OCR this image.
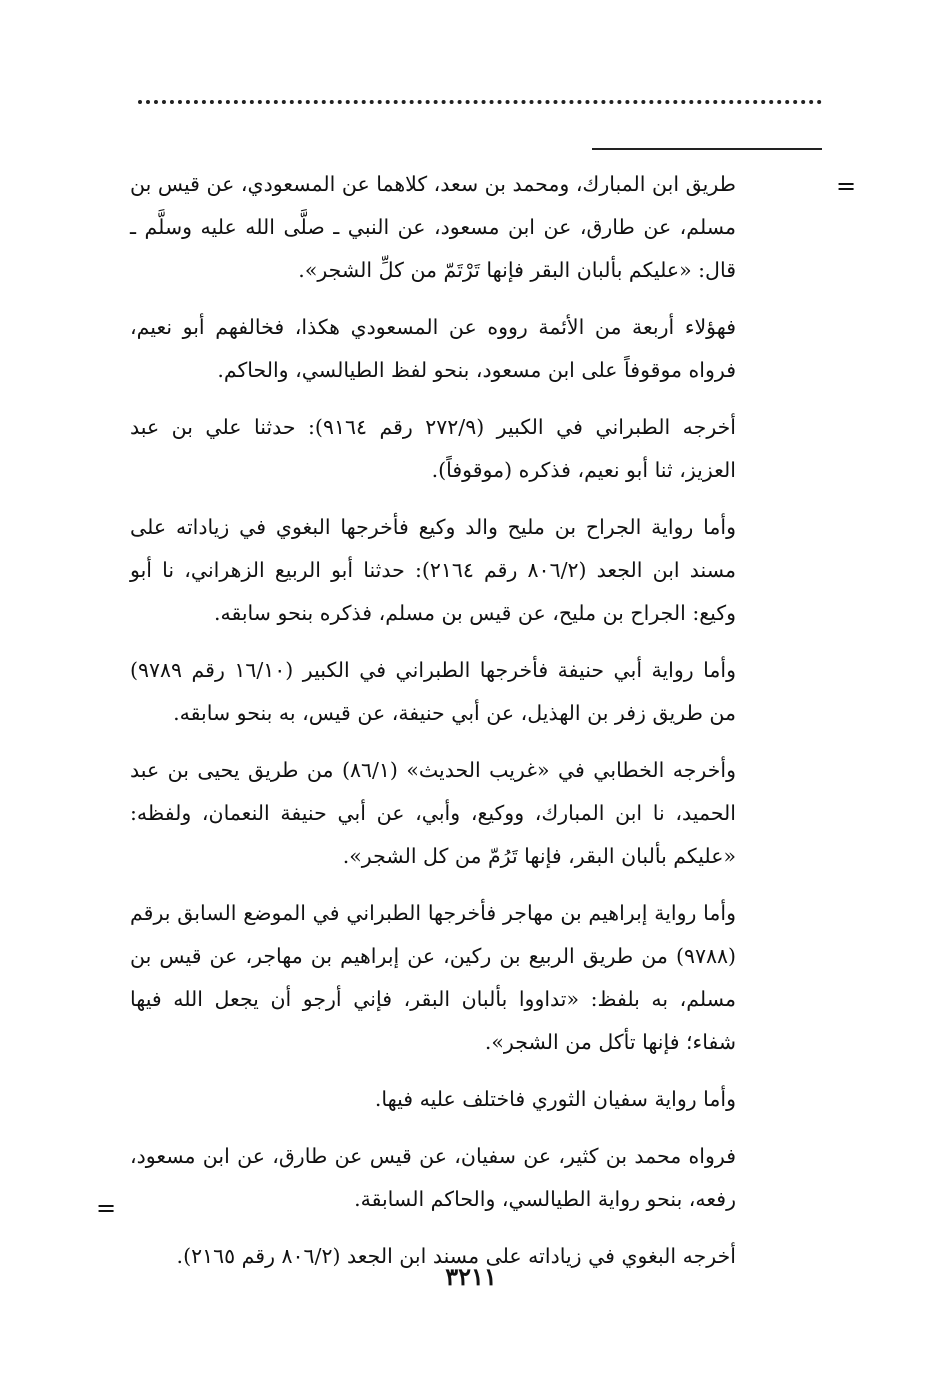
=

طريق ابن المبارك، ومحمد بن سعد، كلاهما عن المسعودي، عن قيس بن مسلم، عن طارق، عن ابن مسعود، عن النبي ـ صلَّى الله عليه وسلَّم ـ قال: «عليكم بألبان البقر فإنها تَرْتَمّ من كلِّ الشجر».

فهؤلاء أربعة من الأئمة رووه عن المسعودي هكذا، فخالفهم أبو نعيم، فرواه موقوفاً على ابن مسعود، بنحو لفظ الطيالسي، والحاكم.

أخرجه الطبراني في الكبير (٢٧٢/٩ رقم ٩١٦٤): حدثنا علي بن عبد العزيز، ثنا أبو نعيم، فذكره (موقوفاً).

وأما رواية الجراح بن مليح والد وكيع فأخرجها البغوي في زياداته على مسند ابن الجعد (٨٠٦/٢ رقم ٢١٦٤): حدثنا أبو الربيع الزهراني، نا أبو وكيع: الجراح بن مليح، عن قيس بن مسلم، فذكره بنحو سابقه.

وأما رواية أبي حنيفة فأخرجها الطبراني في الكبير (١٦/١٠ رقم ٩٧٨٩) من طريق زفر بن الهذيل، عن أبي حنيفة، عن قيس، به بنحو سابقه.

وأخرجه الخطابي في «غريب الحديث» (٨٦/١) من طريق يحيى بن عبد الحميد، نا ابن المبارك، ووكيع، وأبي، عن أبي حنيفة النعمان، ولفظه: «عليكم بألبان البقر، فإنها تَرُمّ من كل الشجر».

وأما رواية إبراهيم بن مهاجر فأخرجها الطبراني في الموضع السابق برقم (٩٧٨٨) من طريق الربيع بن ركين، عن إبراهيم بن مهاجر، عن قيس بن مسلم، به بلفظ: «تداووا بألبان البقر، فإني أرجو أن يجعل الله فيها شفاء؛ فإنها تأكل من الشجر».

وأما رواية سفيان الثوري فاختلف عليه فيها.

فرواه محمد بن كثير، عن سفيان، عن قيس عن طارق، عن ابن مسعود، رفعه، بنحو رواية الطيالسي، والحاكم السابقة.

أخرجه البغوي في زياداته على مسند ابن الجعد (٨٠٦/٢ رقم ٢١٦٥).

=
٣٢١١
